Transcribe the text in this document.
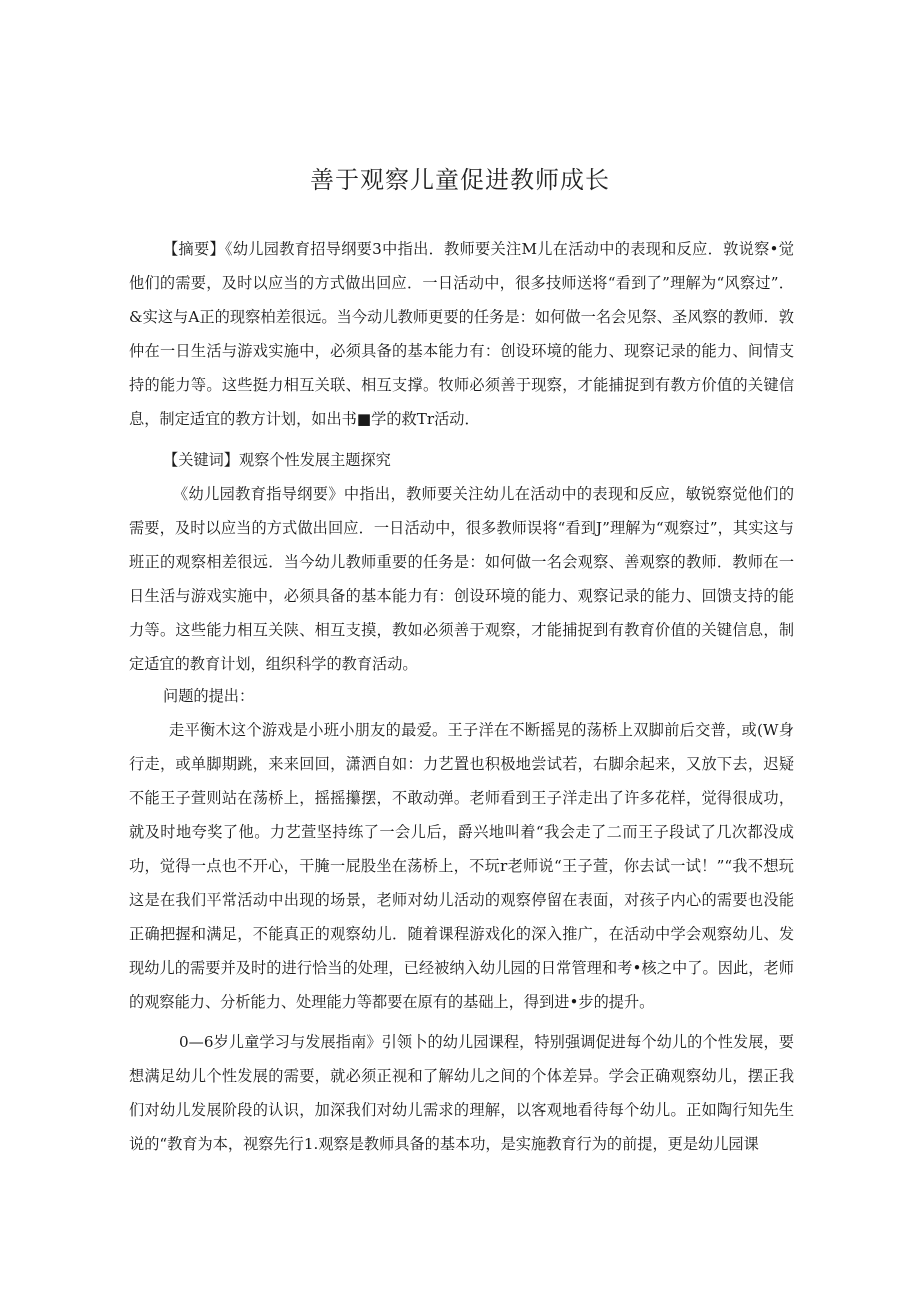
善于观察儿童促进教师成长

【摘要】《幼儿园教育招导纲要3中指出．教师要关注M儿在活动中的表现和反应．敦说察•觉他们的需要，及时以应当的方式做出回应．一日活动中，很多技师送将“看到了”理解为“风察过”．&实这与A正的现察柏差很远。当今动儿教师更要的任务是：如何做一名会见祭、圣风察的教师．敦仲在一日生活与游戏实施中，必须具备的基本能力有：创设环境的能力、现察记录的能力、间情支持的能力等。这些挺力相互关联、相互支撑。牧师必须善于现察，才能捕捉到有教方价值的关键信息，制定适宜的教方计划，如出书■学的救Tr活动．

【关键词】观察个性发展主题探究

《幼儿园教育指导纲要》中指出，教师要关注幼儿在活动中的表现和反应，敏锐察觉他们的需要，及时以应当的方式做出回应．一日活动中，很多教师误将“看到J”理解为“观察过”，其实这与班正的观察相差很远．当今幼儿教师重要的任务是：如何做一名会观察、善观察的教师．教师在一日生活与游戏实施中，必须具备的基本能力有：创设环境的能力、观察记录的能力、回馈支持的能力等。这些能力相互关陕、相互支摸，教如必须善于观察，才能捕捉到有教育价值的关键信息，制定适宜的教育计划，组织科学的教育活动。

问题的提出：

走平衡木这个游戏是小班小朋友的最爱。王子洋在不断摇晃的荡桥上双脚前后交普，或(W身行走，或单脚期跳，来来回回，潇洒自如：力艺置也积极地尝试若，右脚余起来，又放下去，迟疑不能王子萱则站在荡桥上，摇摇攥摆，不敢动弹。老师看到王子洋走出了许多花样，觉得很成功，就及时地夸奖了他。力艺萱坚持练了一会儿后，爵兴地叫着“我会走了二而王子段试了几次都没成功，觉得一点也不开心，干腌一屁股坐在荡桥上，不玩r老师说“王子萱，你去试一试！”“我不想玩这是在我们平常活动中出现的场景，老师对幼儿活动的观察停留在表面，对孩子内心的需要也没能正确把握和满足，不能真正的观察幼儿．随着课程游戏化的深入推广，在活动中学会观察幼儿、发现幼儿的需要并及时的进行恰当的处理，已经被纳入幼儿园的日常管理和考•核之中了。因此，老师的观察能力、分析能力、处理能力等都要在原有的基础上，得到进•步的提升。

0—6岁儿童学习与发展指南》引领卜的幼儿园课程，特别强调促进每个幼儿的个性发展，要想满足幼儿个性发展的需要，就必须正视和了解幼儿之间的个体差异。学会正确观察幼儿，摆正我们对幼儿发展阶段的认识，加深我们对幼儿需求的理解，以客观地看待每个幼儿。正如陶行知先生说的“教育为本，视察先行1.观察是教师具备的基本功，是实施教育行为的前提，更是幼儿园课
